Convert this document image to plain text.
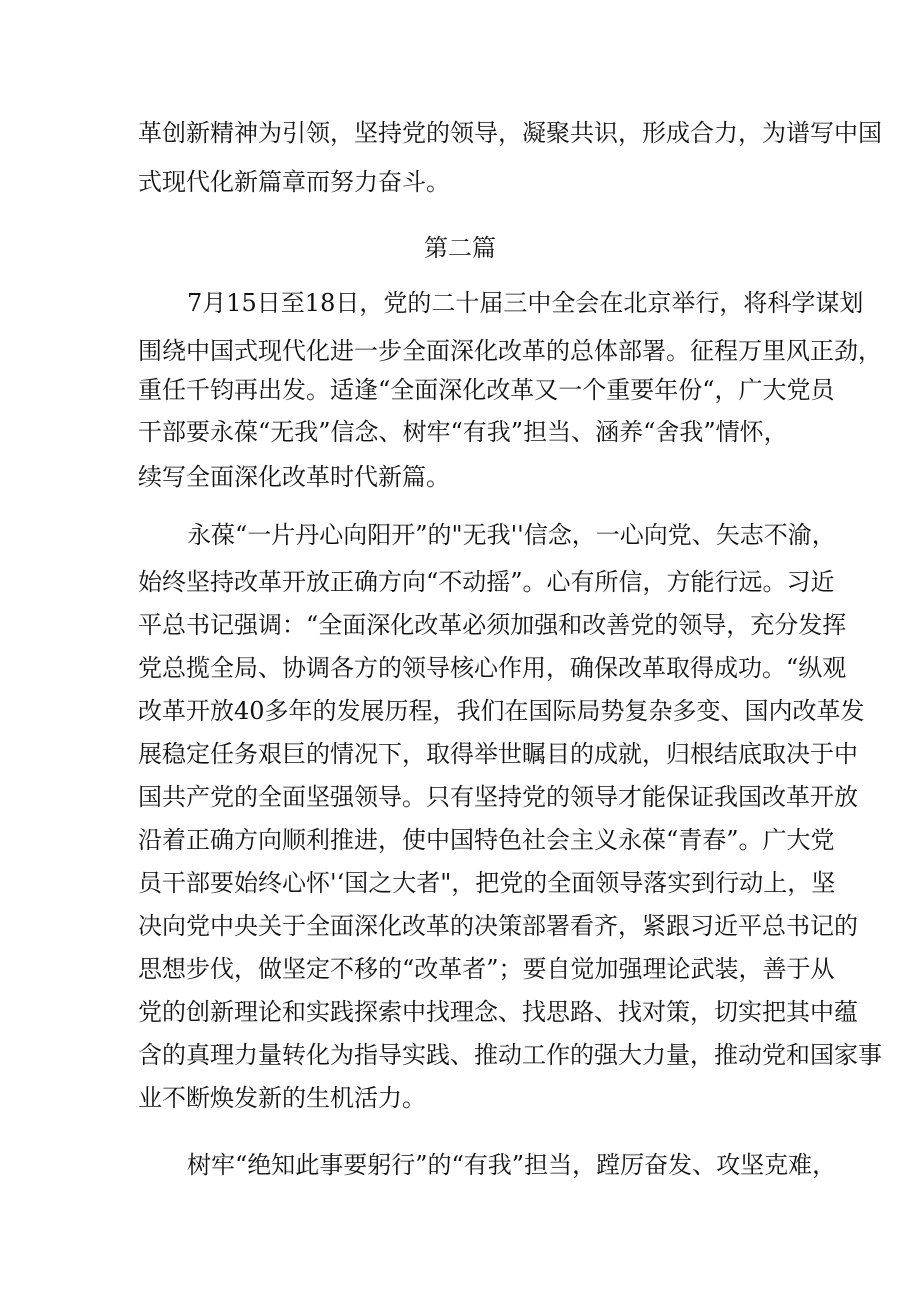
革创新精神为引领，坚持党的领导，凝聚共识，形成合力，为谱写中国
式现代化新篇章而努力奋斗。
第二篇
7月15日至18日，党的二十届三中全会在北京举行，将科学谋划
围绕中国式现代化进一步全面深化改革的总体部署。征程万里风正劲，
重任千钧再出发。适逢“全面深化改革又一个重要年份“，广大党员
干部要永葆“无我”信念、树牢“有我”担当、涵养“舍我”情怀，
续写全面深化改革时代新篇。
永葆“一片丹心向阳开”的"无我''信念，一心向党、矢志不渝，
始终坚持改革开放正确方向“不动摇”。心有所信，方能行远。习近
平总书记强调：“全面深化改革必须加强和改善党的领导，充分发挥
党总揽全局、协调各方的领导核心作用，确保改革取得成功。“纵观
改革开放40多年的发展历程，我们在国际局势复杂多变、国内改革发
展稳定任务艰巨的情况下，取得举世瞩目的成就，归根结底取决于中
国共产党的全面坚强领导。只有坚持党的领导才能保证我国改革开放
沿着正确方向顺利推进，使中国特色社会主义永葆“青春”。广大党
员干部要始终心怀'‘国之大者"，把党的全面领导落实到行动上，坚
决向党中央关于全面深化改革的决策部署看齐，紧跟习近平总书记的
思想步伐，做坚定不移的“改革者”；要自觉加强理论武装，善于从
党的创新理论和实践探索中找理念、找思路、找对策，切实把其中蕴
含的真理力量转化为指导实践、推动工作的强大力量，推动党和国家事
业不断焕发新的生机活力。
树牢“绝知此事要躬行”的“有我”担当，蹚厉奋发、攻坚克难，
